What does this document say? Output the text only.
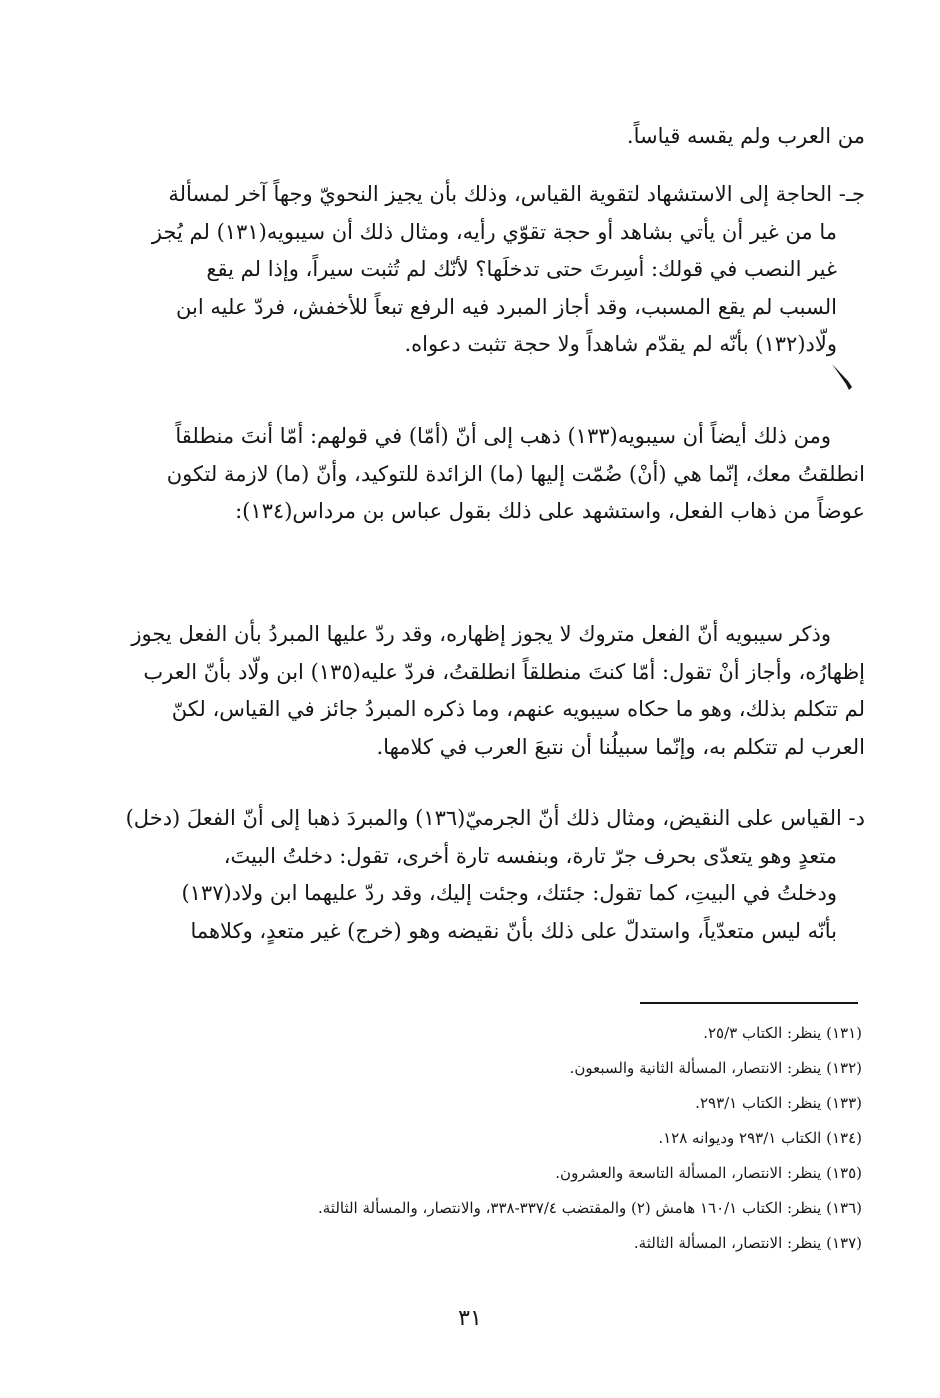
من العرب ولم يقسه قياساً.
جـ- الحاجة إلى الاستشهاد لتقوية القياس، وذلك بأن يجيز النحويّ وجهاً آخر لمسألة
ما من غير أن يأتي بشاهد أو حجة تقوّي رأيه، ومثال ذلك أن سيبويه(١٣١) لم يُجز
غير النصب في قولك: أسِرتَ حتى تدخلَها؟ لأنّك لم تُثبت سيراً، وإذا لم يقع
السبب لم يقع المسبب، وقد أجاز المبرد فيه الرفع تبعاً للأخفش، فردّ عليه ابن
ولّاد(١٣٢) بأنّه لم يقدّم شاهداً ولا حجة تثبت دعواه.
ومن ذلك أيضاً أن سيبويه(١٣٣) ذهب إلى أنّ (أمّا) في قولهم: أمّا أنتَ منطلقاً
انطلقتُ معك، إنّما هي (أنْ) ضُمّت إليها (ما) الزائدة للتوكيد، وأنّ (ما) لازمة لتكون
عوضاً من ذهاب الفعل، واستشهد على ذلك بقول عباس بن مرداس(١٣٤):
وذكر سيبويه أنّ الفعل متروك لا يجوز إظهاره، وقد ردّ عليها المبردُ بأن الفعل يجوز
إظهارُه، وأجاز أنْ تقول: أمّا كنتَ منطلقاً انطلقتُ، فردّ عليه(١٣٥) ابن ولّاد بأنّ العرب
لم تتكلم بذلك، وهو ما حكاه سيبويه عنهم، وما ذكره المبردُ جائز في القياس، لكنّ
العرب لم تتكلم به، وإنّما سبيلُنا أن نتبعَ العرب في كلامها.
د- القياس على النقيض، ومثال ذلك أنّ الجرميّ(١٣٦) والمبردَ ذهبا إلى أنّ الفعلَ (دخل)
متعدٍ وهو يتعدّى بحرف جرّ تارة، وبنفسه تارة أخرى، تقول: دخلتُ البيتَ،
ودخلتُ في البيتِ، كما تقول: جئتك، وجئت إليك، وقد ردّ عليهما ابن ولاد(١٣٧)
بأنّه ليس متعدّياً، واستدلّ على ذلك بأنّ نقيضه وهو (خرج) غير متعدٍ، وكلاهما
(١٣١) ينظر: الكتاب ٢٥/٣.
(١٣٢) ينظر: الانتصار، المسألة الثانية والسبعون.
(١٣٣) ينظر: الكتاب ٢٩٣/١.
(١٣٤) الكتاب ٢٩٣/١ وديوانه ١٢٨.
(١٣٥) ينظر: الانتصار، المسألة التاسعة والعشرون.
(١٣٦) ينظر: الكتاب ١٦٠/١ هامش (٢) والمقتضب ٣٣٧/٤-٣٣٨، والانتصار، والمسألة الثالثة.
(١٣٧) ينظر: الانتصار، المسألة الثالثة.
٣١
